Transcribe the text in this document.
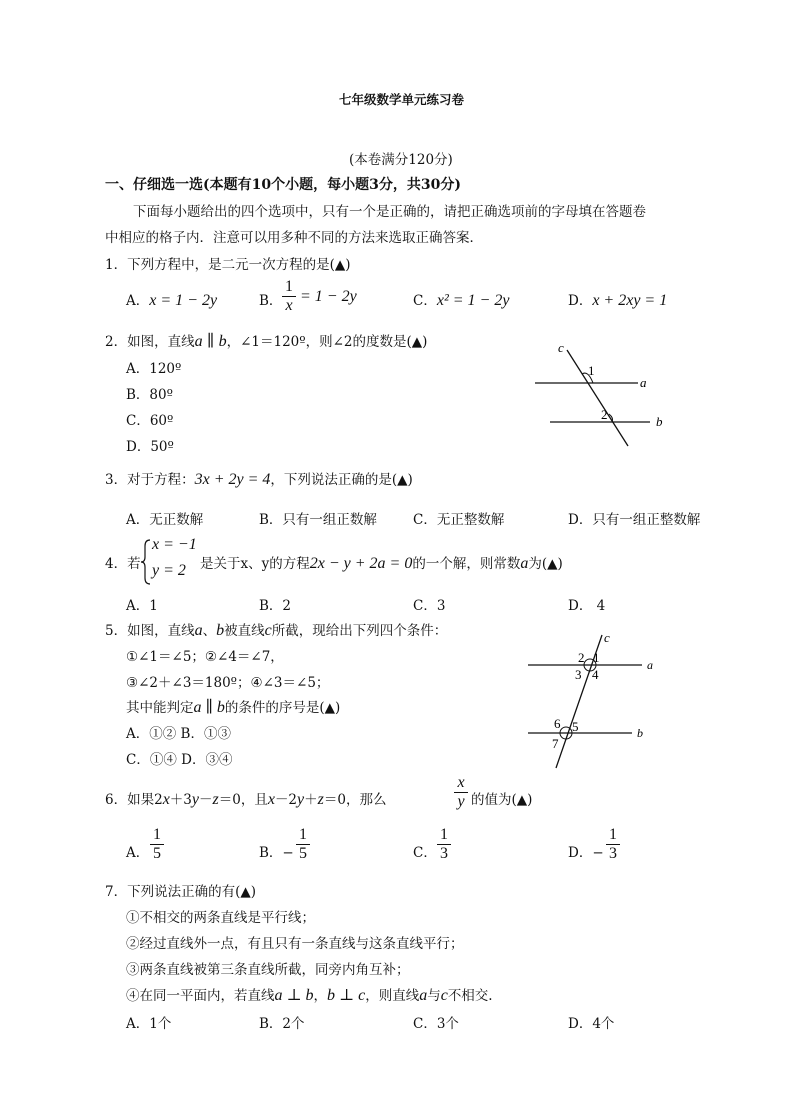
七年级数学单元练习卷
(本卷满分120分)
一、仔细选一选(本题有10个小题，每小题3分，共30分)
下面每小题给出的四个选项中，只有一个是正确的，请把正确选项前的字母填在答题卷
中相应的格子内．注意可以用多种不同的方法来选取正确答案．
1．下列方程中，是二元一次方程的是(▲)
A．x = 1 − 2y	B． $\frac{1}{x} = 1 - 2y$	C．x² = 1 − 2y	D．x + 2xy = 1
2．如图，直线a ∥ b，∠1＝120º，则∠2的度数是(▲)
A．120º
B．80º
C．60º
D．50º
c
1
a
2	b
3．对于方程：3x + 2y = 4，下列说法正确的是(▲)
A．无正数解	B．只有一组正数解	C．无正整数解	D．只有一组正整数解
4．若
x = −1
y = 2 是关于x、y的方程2x − y + 2a = 0的一个解，则常数a为(▲)
A．1	B．2	C．3	D． 4
5．如图，直线a、b被直线c所截，现给出下列四个条件：
①∠1＝∠5；②∠4＝∠7，
③∠2＋∠3＝180º；④∠3＝∠5；
其中能判定a ∥ b的条件的序号是(▲)
A．①② B．①③
C．①④ D．③④
c
2 1	a
3 4
6 5	b
7
6．如果2x＋3y－z＝0，且x－2y＋z＝0，那么	$\frac{x}{y}$ 的值为(▲)
A． $\frac{1}{5}$	B．− $\frac{1}{5}$	C． $\frac{1}{3}$	D．− $\frac{1}{3}$
7．下列说法正确的有(▲)
①不相交的两条直线是平行线；
②经过直线外一点，有且只有一条直线与这条直线平行；
③两条直线被第三条直线所截，同旁内角互补；
④在同一平面内，若直线a ⊥ b，b ⊥ c，则直线a与c不相交.
A．1个	B．2个	C．3个	D．4个
